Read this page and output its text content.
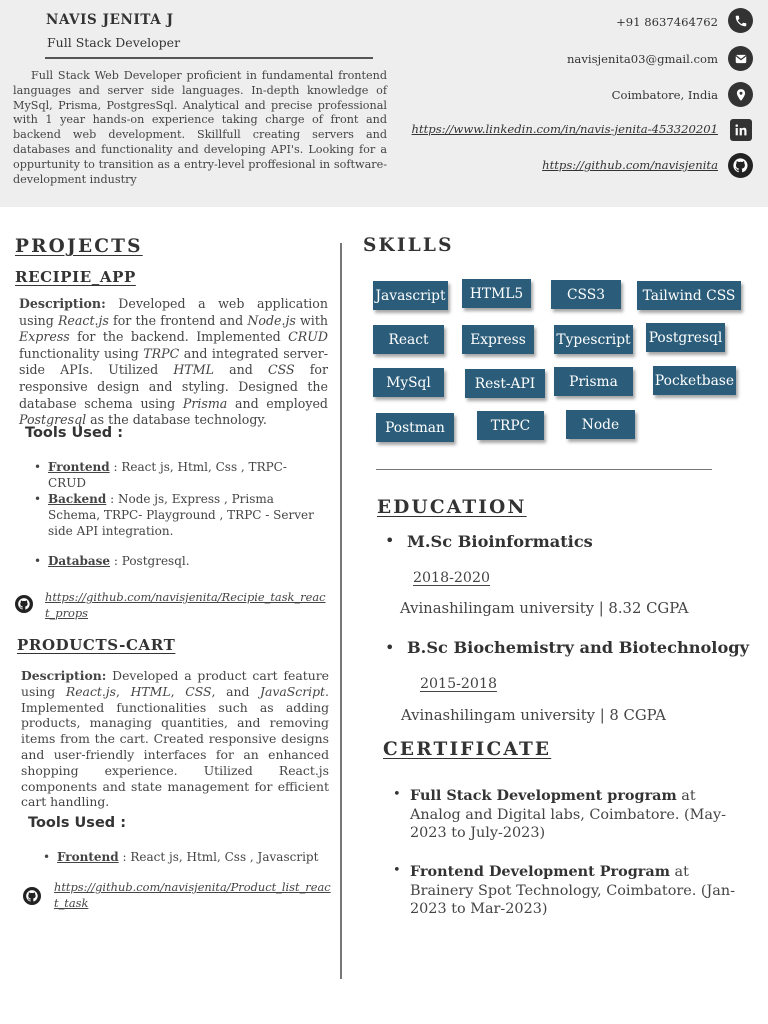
NAVIS JENITA J
Full Stack Developer
Full Stack Web Developer proficient in fundamental frontend languages and server side languages. In-depth knowledge of MySql, Prisma, PostgresSql. Analytical and precise professional with 1 year hands-on experience taking charge of front and backend web development. Skillfull creating servers and databases and functionality and developing API's. Looking for a oppurtunity to transition as a entry-level proffesional in software-development industry
+91 8637464762
navisjenita03@gmail.com
Coimbatore, India
https://www.linkedin.com/in/navis-jenita-453320201
https://github.com/navisjenita
PROJECTS
RECIPIE_APP
Description: Developed a web application using React.js for the frontend and Node.js with Express for the backend. Implemented CRUD functionality using TRPC and integrated server-side APIs. Utilized HTML and CSS for responsive design and styling. Designed the database schema using Prisma and employed Postgresql as the database technology.
Tools Used :
• Frontend : React js, Html, Css , TRPC-CRUD
• Backend : Node js, Express , Prisma Schema, TRPC- Playground , TRPC - Server side API integration.
• Database : Postgresql.
https://github.com/navisjenita/Recipie_task_react_props
PRODUCTS-CART
Description: Developed a product cart feature using React.js, HTML, CSS, and JavaScript. Implemented functionalities such as adding products, managing quantities, and removing items from the cart. Created responsive designs and user-friendly interfaces for an enhanced shopping experience. Utilized React.js components and state management for efficient cart handling.
Tools Used :
• Frontend : React js, Html, Css , Javascript
https://github.com/navisjenita/Product_list_react_task
SKILLS
Javascript	HTML5	CSS3	Tailwind CSS
React	Express	Typescript Postgresql
MySql	Rest-API	Prisma	Pocketbase
Postman	TRPC	Node
EDUCATION
• M.Sc Bioinformatics
2018-2020
Avinashilingam university | 8.32 CGPA
• B.Sc Biochemistry and Biotechnology
2015-2018
Avinashilingam university | 8 CGPA
CERTIFICATE
• Full Stack Development program at Analog and Digital labs, Coimbatore. (May-2023 to July-2023)
• Frontend Development Program at Brainery Spot Technology, Coimbatore. (Jan-2023 to Mar-2023)
